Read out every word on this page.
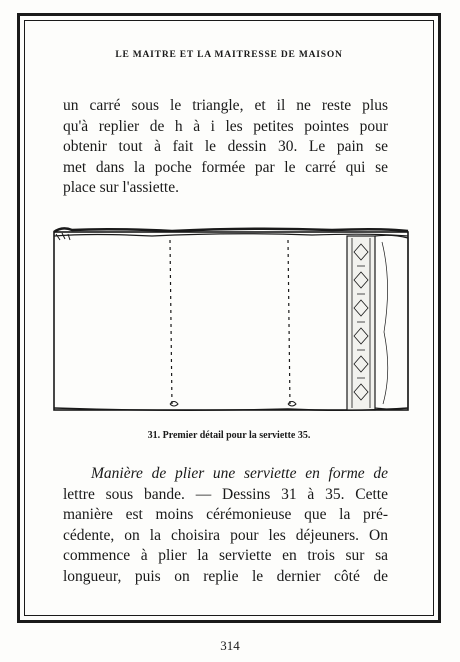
LE MAITRE ET LA MAITRESSE DE MAISON
un carré sous le triangle, et il ne reste plus
qu'à replier de h à i les petites pointes pour
obtenir tout à fait le dessin 30. Le pain se
met dans la poche formée par le carré qui se
place sur l'assiette.
31. Premier détail pour la serviette 35.
Manière de plier une serviette en forme de
lettre sous bande. — Dessins 31 à 35. Cette
manière est moins cérémonieuse que la pré-
cédente, on la choisira pour les déjeuners. On
commence à plier la serviette en trois sur sa
longueur, puis on replie le dernier côté de
314
